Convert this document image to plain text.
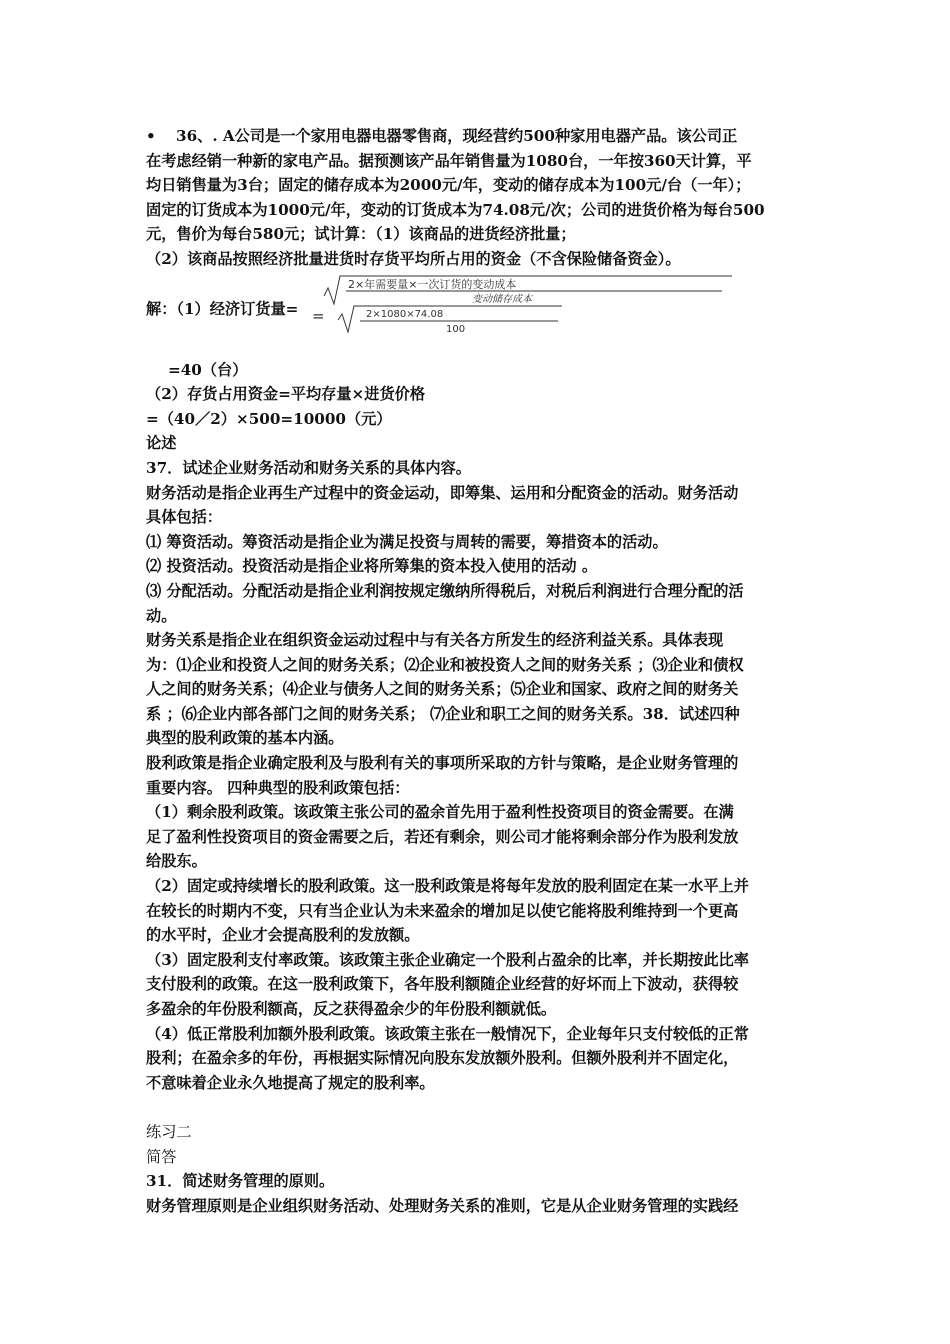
• 36、. A公司是一个家用电器电器零售商，现经营约500种家用电器产品。该公司正

在考虑经销一种新的家电产品。据预测该产品年销售量为1080台，一年按360天计算，平

均日销售量为3台；固定的储存成本为2000元/年，变动的储存成本为100元/台（一年）；

固定的订货成本为1000元/年，变动的订货成本为74.08元/次；公司的进货价格为每台500

元，售价为每台580元；试计算：（1）该商品的进货经济批量；

（2）该商品按照经济批量进货时存货平均所占用的资金（不含保险储备资金）。

解：（1）经济订货量=
2×年需要量×一次订货的变动成本
变动储存成本
=	2×1080×74.08
100

=40（台）

（2）存货占用资金=平均存量×进货价格

=（40／2）×500=10000（元）

论述

37．试述企业财务活动和财务关系的具体内容。

财务活动是指企业再生产过程中的资金运动，即筹集、运用和分配资金的活动。财务活动

具体包括：

⑴ 筹资活动。筹资活动是指企业为满足投资与周转的需要，筹措资本的活动。

⑵ 投资活动。投资活动是指企业将所筹集的资本投入使用的活动 。

⑶ 分配活动。分配活动是指企业利润按规定缴纳所得税后，对税后利润进行合理分配的活

动。

财务关系是指企业在组织资金运动过程中与有关各方所发生的经济利益关系。具体表现

为：⑴企业和投资人之间的财务关系；⑵企业和被投资人之间的财务关系 ；⑶企业和债权

人之间的财务关系；⑷企业与债务人之间的财务关系；⑸企业和国家、政府之间的财务关

系 ；⑹企业内部各部门之间的财务关系； ⑺企业和职工之间的财务关系。38．试述四种

典型的股利政策的基本内涵。

股利政策是指企业确定股利及与股利有关的事项所采取的方针与策略，是企业财务管理的

重要内容。 四种典型的股利政策包括：

（1）剩余股利政策。该政策主张公司的盈余首先用于盈利性投资项目的资金需要。在满

足了盈利性投资项目的资金需要之后，若还有剩余，则公司才能将剩余部分作为股利发放

给股东。

（2）固定或持续增长的股利政策。这一股利政策是将每年发放的股利固定在某一水平上并

在较长的时期内不变，只有当企业认为未来盈余的增加足以使它能将股利维持到一个更高

的水平时，企业才会提高股利的发放额。

（3）固定股利支付率政策。该政策主张企业确定一个股利占盈余的比率，并长期按此比率

支付股利的政策。在这一股利政策下，各年股利额随企业经营的好坏而上下波动，获得较

多盈余的年份股利额高，反之获得盈余少的年份股利额就低。

（4）低正常股利加额外股利政策。该政策主张在一般情况下，企业每年只支付较低的正常

股利；在盈余多的年份，再根据实际情况向股东发放额外股利。但额外股利并不固定化，

不意味着企业永久地提高了规定的股利率。

练习二

简答

31．简述财务管理的原则。

财务管理原则是企业组织财务活动、处理财务关系的准则，它是从企业财务管理的实践经
